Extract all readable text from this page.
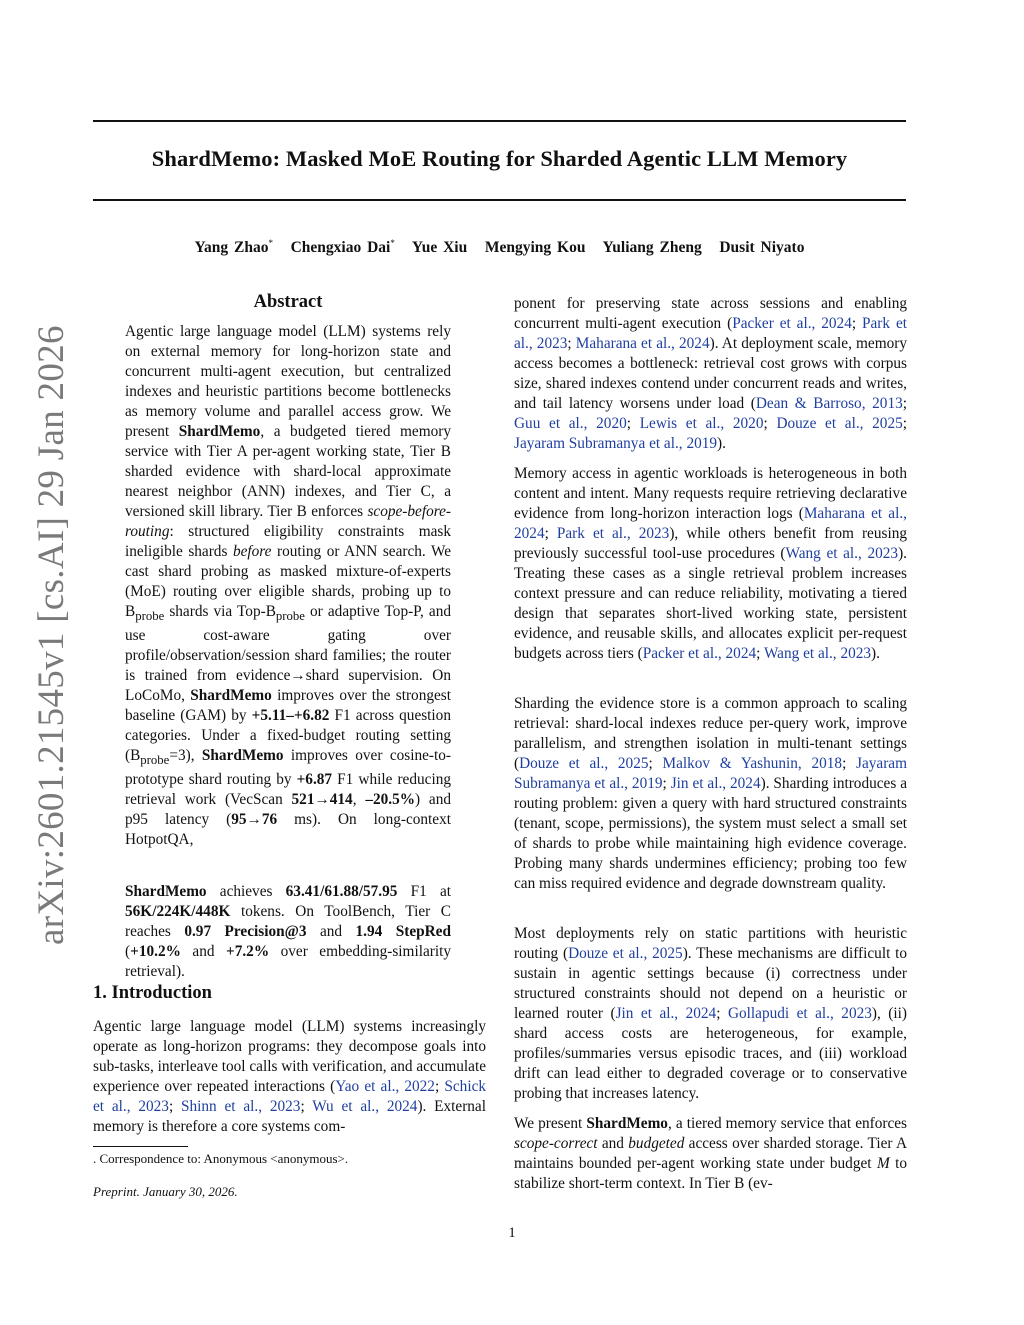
ShardMemo: Masked MoE Routing for Sharded Agentic LLM Memory
Yang Zhao* Chengxiao Dai* Yue Xiu Mengying Kou Yuliang Zheng Dusit Niyato
arXiv:2601.21545v1 [cs.AI] 29 Jan 2026
Abstract
Agentic large language model (LLM) systems rely on external memory for long-horizon state and concurrent multi-agent execution, but centralized indexes and heuristic partitions become bottlenecks as memory volume and parallel access grow. We present ShardMemo, a budgeted tiered memory service with Tier A per-agent working state, Tier B sharded evidence with shard-local approximate nearest neighbor (ANN) indexes, and Tier C, a versioned skill library. Tier B enforces scope-before-routing: structured eligibility constraints mask ineligible shards before routing or ANN search. We cast shard probing as masked mixture-of-experts (MoE) routing over eligible shards, probing up to $B_{probe}$ shards via Top-$B_{probe}$ or adaptive Top-P, and use cost-aware gating over profile/observation/session shard families; the router is trained from evidence→shard supervision. On LoCoMo, ShardMemo improves over the strongest baseline (GAM) by +5.11–+6.82 F1 across question categories. Under a fixed-budget routing setting $(B_{probe}=3)$, ShardMemo improves over cosine-to-prototype shard routing by +6.87 F1 while reducing retrieval work (VecScan 521→414, –20.5%) and p95 latency (95→76 ms). On long-context HotpotQA,
ShardMemo achieves 63.41/61.88/57.95 F1 at 56K/224K/448K tokens. On ToolBench, Tier C reaches 0.97 Precision@3 and 1.94 StepRed (+10.2% and +7.2% over embedding-similarity retrieval).
1. Introduction
Agentic large language model (LLM) systems increasingly operate as long-horizon programs: they decompose goals into sub-tasks, interleave tool calls with verification, and accumulate experience over repeated interactions (Yao et al., 2022; Schick et al., 2023; Shinn et al., 2023; Wu et al., 2024). External memory is therefore a core systems com-
. Correspondence to: Anonymous <anonymous>.
Preprint. January 30, 2026.
ponent for preserving state across sessions and enabling concurrent multi-agent execution (Packer et al., 2024; Park et al., 2023; Maharana et al., 2024). At deployment scale, memory access becomes a bottleneck: retrieval cost grows with corpus size, shared indexes contend under concurrent reads and writes, and tail latency worsens under load (Dean & Barroso, 2013; Guu et al., 2020; Lewis et al., 2020; Douze et al., 2025; Jayaram Subramanya et al., 2019).
Memory access in agentic workloads is heterogeneous in both content and intent. Many requests require retrieving declarative evidence from long-horizon interaction logs (Maharana et al., 2024; Park et al., 2023), while others benefit from reusing previously successful tool-use procedures (Wang et al., 2023). Treating these cases as a single retrieval problem increases context pressure and can reduce reliability, motivating a tiered design that separates short-lived working state, persistent evidence, and reusable skills, and allocates explicit per-request budgets across tiers (Packer et al., 2024; Wang et al., 2023).
Sharding the evidence store is a common approach to scaling retrieval: shard-local indexes reduce per-query work, improve parallelism, and strengthen isolation in multi-tenant settings (Douze et al., 2025; Malkov & Yashunin, 2018; Jayaram Subramanya et al., 2019; Jin et al., 2024). Sharding introduces a routing problem: given a query with hard structured constraints (tenant, scope, permissions), the system must select a small set of shards to probe while maintaining high evidence coverage. Probing many shards undermines efficiency; probing too few can miss required evidence and degrade downstream quality.
Most deployments rely on static partitions with heuristic routing (Douze et al., 2025). These mechanisms are difficult to sustain in agentic settings because (i) correctness under structured constraints should not depend on a heuristic or learned router (Jin et al., 2024; Gollapudi et al., 2023), (ii) shard access costs are heterogeneous, for example, profiles/summaries versus episodic traces, and (iii) workload drift can lead either to degraded coverage or to conservative probing that increases latency.
We present ShardMemo, a tiered memory service that enforces scope-correct and budgeted access over sharded storage. Tier A maintains bounded per-agent working state under budget M to stabilize short-term context. In Tier B (ev-
1
